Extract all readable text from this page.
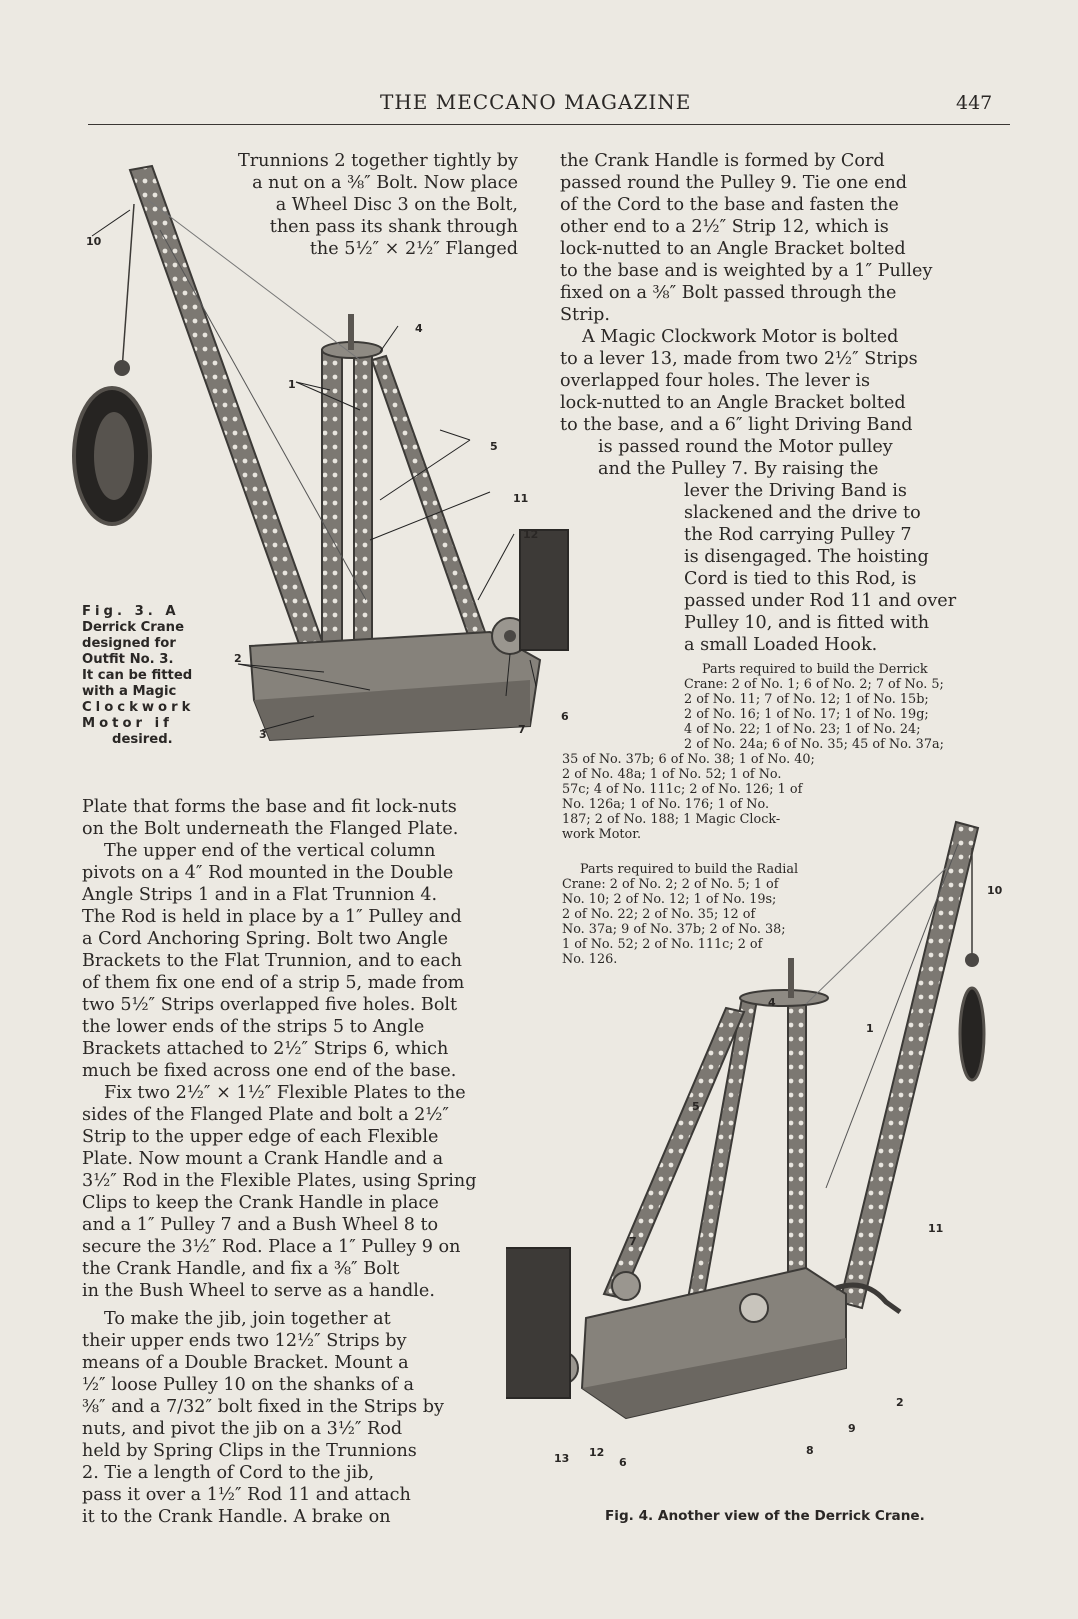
THE MECCANO MAGAZINE	447
10
4
1
5
11
12
2
3	7
6
Fig. 3. A
Derrick Crane
designed for
Outfit No. 3.
It can be fitted
with a Magic
Clockwork
Motor if
desired.
Trunnions 2 together tightly by
a nut on a ⅜″ Bolt. Now place
a Wheel Disc 3 on the Bolt,
then pass its shank through
the 5½″ × 2½″ Flanged
Plate that forms the base and fit lock-nuts
on the Bolt underneath the Flanged Plate.
The upper end of the vertical column
pivots on a 4″ Rod mounted in the Double
Angle Strips 1 and in a Flat Trunnion 4.
The Rod is held in place by a 1″ Pulley and
a Cord Anchoring Spring. Bolt two Angle
Brackets to the Flat Trunnion, and to each
of them fix one end of a strip 5, made from
two 5½″ Strips overlapped five holes. Bolt
the lower ends of the strips 5 to Angle
Brackets attached to 2½″ Strips 6, which
much be fixed across one end of the base.
Fix two 2½″ × 1½″ Flexible Plates to the
sides of the Flanged Plate and bolt a 2½″
Strip to the upper edge of each Flexible
Plate. Now mount a Crank Handle and a
3½″ Rod in the Flexible Plates, using Spring
Clips to keep the Crank Handle in place
and a 1″ Pulley 7 and a Bush Wheel 8 to
secure the 3½″ Rod. Place a 1″ Pulley 9 on
the Crank Handle, and fix a ⅜″ Bolt
in the Bush Wheel to serve as a handle.
To make the jib, join together at
their upper ends two 12½″ Strips by
means of a Double Bracket. Mount a
½″ loose Pulley 10 on the shanks of a
⅜″ and a 7/32″ bolt fixed in the Strips by
nuts, and pivot the jib on a 3½″ Rod
held by Spring Clips in the Trunnions
2. Tie a length of Cord to the jib,
pass it over a 1½″ Rod 11 and attach
it to the Crank Handle. A brake on
the Crank Handle is formed by Cord
passed round the Pulley 9. Tie one end
of the Cord to the base and fasten the
other end to a 2½″ Strip 12, which is
lock-nutted to an Angle Bracket bolted
to the base and is weighted by a 1″ Pulley
fixed on a ⅜″ Bolt passed through the
Strip.
A Magic Clockwork Motor is bolted
to a lever 13, made from two 2½″ Strips
overlapped four holes. The lever is
lock-nutted to an Angle Bracket bolted
to the base, and a 6″ light Driving Band
is passed round the Motor pulley
and the Pulley 7. By raising the
lever the Driving Band is
slackened and the drive to
the Rod carrying Pulley 7
is disengaged. The hoisting
Cord is tied to this Rod, is
passed under Rod 11 and over
Pulley 10, and is fitted with
a small Loaded Hook.
Parts required to build the Derrick
Crane: 2 of No. 1; 6 of No. 2; 7 of No. 5;
2 of No. 11; 7 of No. 12; 1 of No. 15b;
2 of No. 16; 1 of No. 17; 1 of No. 19g;
4 of No. 22; 1 of No. 23; 1 of No. 24;
2 of No. 24a; 6 of No. 35; 45 of No. 37a;
35 of No. 37b; 6 of No. 38; 1 of No. 40;
2 of No. 48a; 1 of No. 52; 1 of No.
57c; 4 of No. 111c; 2 of No. 126; 1 of
No. 126a; 1 of No. 176; 1 of No.
187; 2 of No. 188; 1 Magic Clock-
work Motor.
Parts required to build the Radial
Crane: 2 of No. 2; 2 of No. 5; 1 of
No. 10; 2 of No. 12; 1 of No. 19s;
2 of No. 22; 2 of No. 35; 12 of
No. 37a; 9 of No. 37b; 2 of No. 38;
1 of No. 52; 2 of No. 111c; 2 of
No. 126.
10
4
1
5
11
7
2
9
8
13 12
6
Fig. 4. Another view of the Derrick Crane.
